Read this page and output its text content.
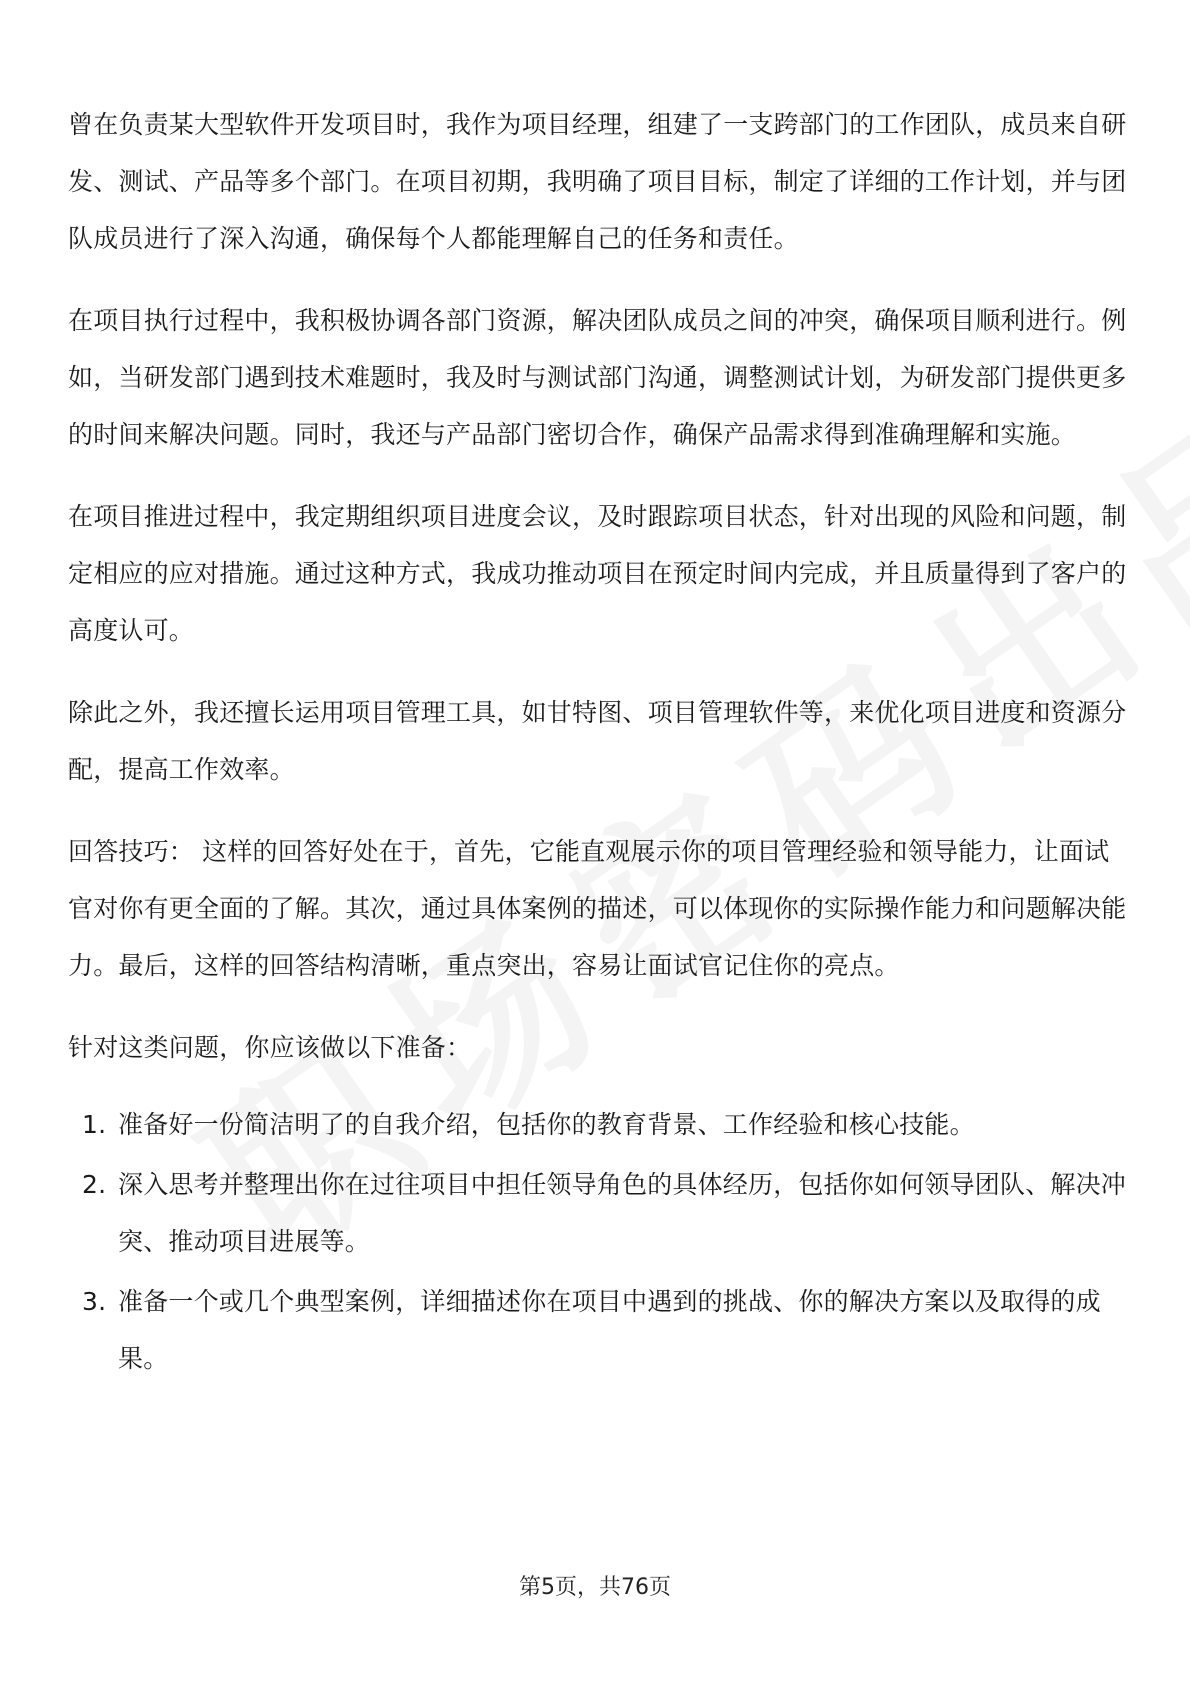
曾在负责某大型软件开发项目时，我作为项目经理，组建了一支跨部门的工作团队，成员来自研发、测试、产品等多个部门。在项目初期，我明确了项目目标，制定了详细的工作计划，并与团队成员进行了深入沟通，确保每个人都能理解自己的任务和责任。

在项目执行过程中，我积极协调各部门资源，解决团队成员之间的冲突，确保项目顺利进行。例如，当研发部门遇到技术难题时，我及时与测试部门沟通，调整测试计划，为研发部门提供更多的时间来解决问题。同时，我还与产品部门密切合作，确保产品需求得到准确理解和实施。

在项目推进过程中，我定期组织项目进度会议，及时跟踪项目状态，针对出现的风险和问题，制定相应的应对措施。通过这种方式，我成功推动项目在预定时间内完成，并且质量得到了客户的高度认可。

除此之外，我还擅长运用项目管理工具，如甘特图、项目管理软件等，来优化项目进度和资源分配，提高工作效率。

回答技巧： 这样的回答好处在于，首先，它能直观展示你的项目管理经验和领导能力，让面试官对你有更全面的了解。其次，通过具体案例的描述，可以体现你的实际操作能力和问题解决能力。最后，这样的回答结构清晰，重点突出，容易让面试官记住你的亮点。

针对这类问题，你应该做以下准备：

1. 准备好一份简洁明了的自我介绍，包括你的教育背景、工作经验和核心技能。
2. 深入思考并整理出你在过往项目中担任领导角色的具体经历，包括你如何领导团队、解决冲突、推动项目进展等。
3. 准备一个或几个典型案例，详细描述你在项目中遇到的挑战、你的解决方案以及取得的成果。
第5页，共76页
